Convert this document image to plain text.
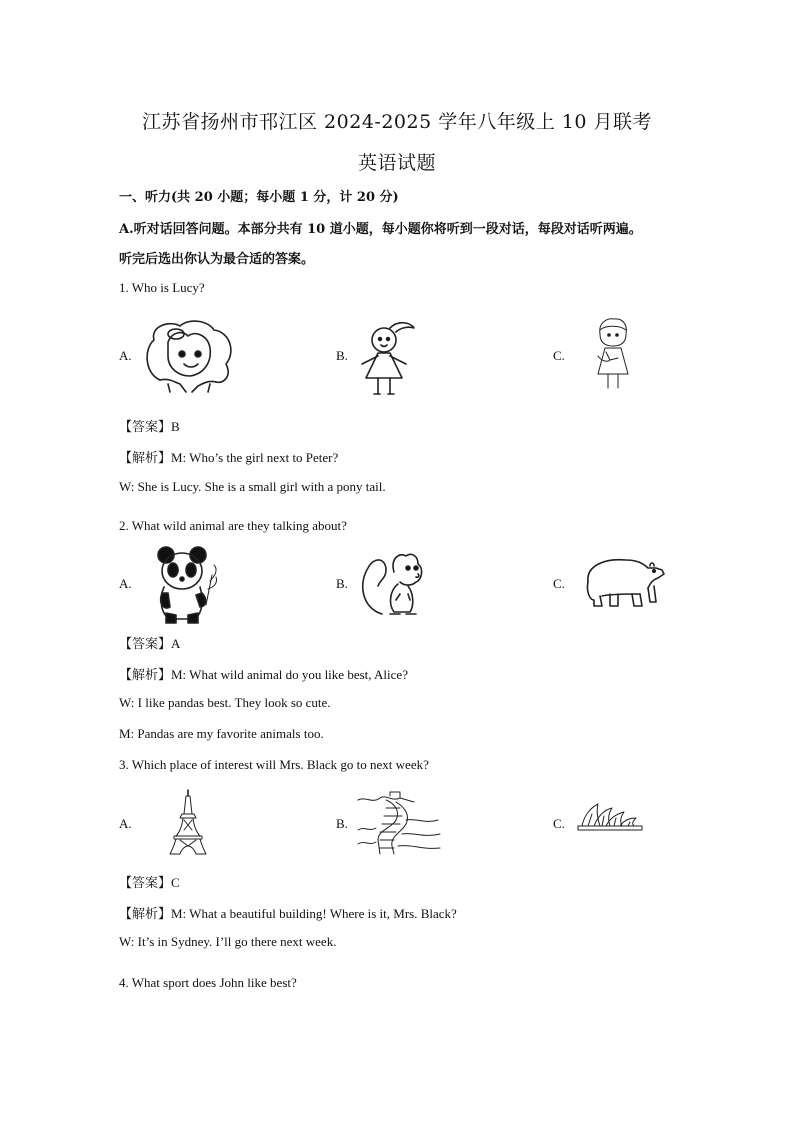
江苏省扬州市邗江区 2024-2025 学年八年级上 10 月联考
英语试题
一、听力(共 20 小题；每小题 1 分，计 20 分)
A.听对话回答问题。本部分共有 10 道小题，每小题你将听到一段对话，每段对话听两遍。
听完后选出你认为最合适的答案。
1. Who is Lucy?
A.	B.	C.
【答案】B
【解析】M: Who’s the girl next to Peter?
W: She is Lucy. She is a small girl with a pony tail.
2. What wild animal are they talking about?
A.	B.	C.
【答案】A
【解析】M: What wild animal do you like best, Alice?
W: I like pandas best. They look so cute.
M: Pandas are my favorite animals too.
3. Which place of interest will Mrs. Black go to next week?
A.	B.	C.
【答案】C
【解析】M: What a beautiful building! Where is it, Mrs. Black?
W: It’s in Sydney. I’ll go there next week.
4. What sport does John like best?
